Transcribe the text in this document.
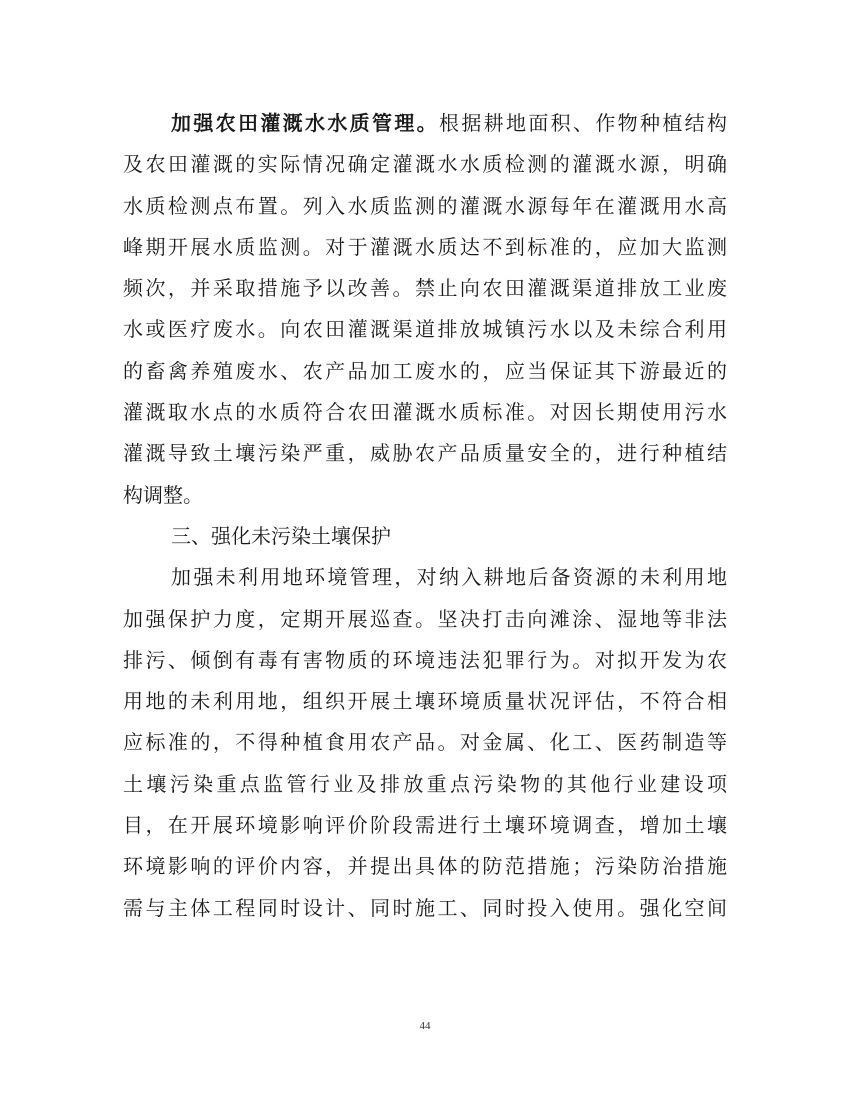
加强农田灌溉水水质管理。根据耕地面积、作物种植结构
及农田灌溉的实际情况确定灌溉水水质检测的灌溉水源，明确
水质检测点布置。列入水质监测的灌溉水源每年在灌溉用水高
峰期开展水质监测。对于灌溉水质达不到标准的，应加大监测
频次，并采取措施予以改善。禁止向农田灌溉渠道排放工业废
水或医疗废水。向农田灌溉渠道排放城镇污水以及未综合利用
的畜禽养殖废水、农产品加工废水的，应当保证其下游最近的
灌溉取水点的水质符合农田灌溉水质标准。对因长期使用污水
灌溉导致土壤污染严重，威胁农产品质量安全的，进行种植结
构调整。
三、强化未污染土壤保护
加强未利用地环境管理，对纳入耕地后备资源的未利用地
加强保护力度，定期开展巡查。坚决打击向滩涂、湿地等非法
排污、倾倒有毒有害物质的环境违法犯罪行为。对拟开发为农
用地的未利用地，组织开展土壤环境质量状况评估，不符合相
应标准的，不得种植食用农产品。对金属、化工、医药制造等
土壤污染重点监管行业及排放重点污染物的其他行业建设项
目，在开展环境影响评价阶段需进行土壤环境调查，增加土壤
环境影响的评价内容，并提出具体的防范措施；污染防治措施
需与主体工程同时设计、同时施工、同时投入使用。强化空间
44
